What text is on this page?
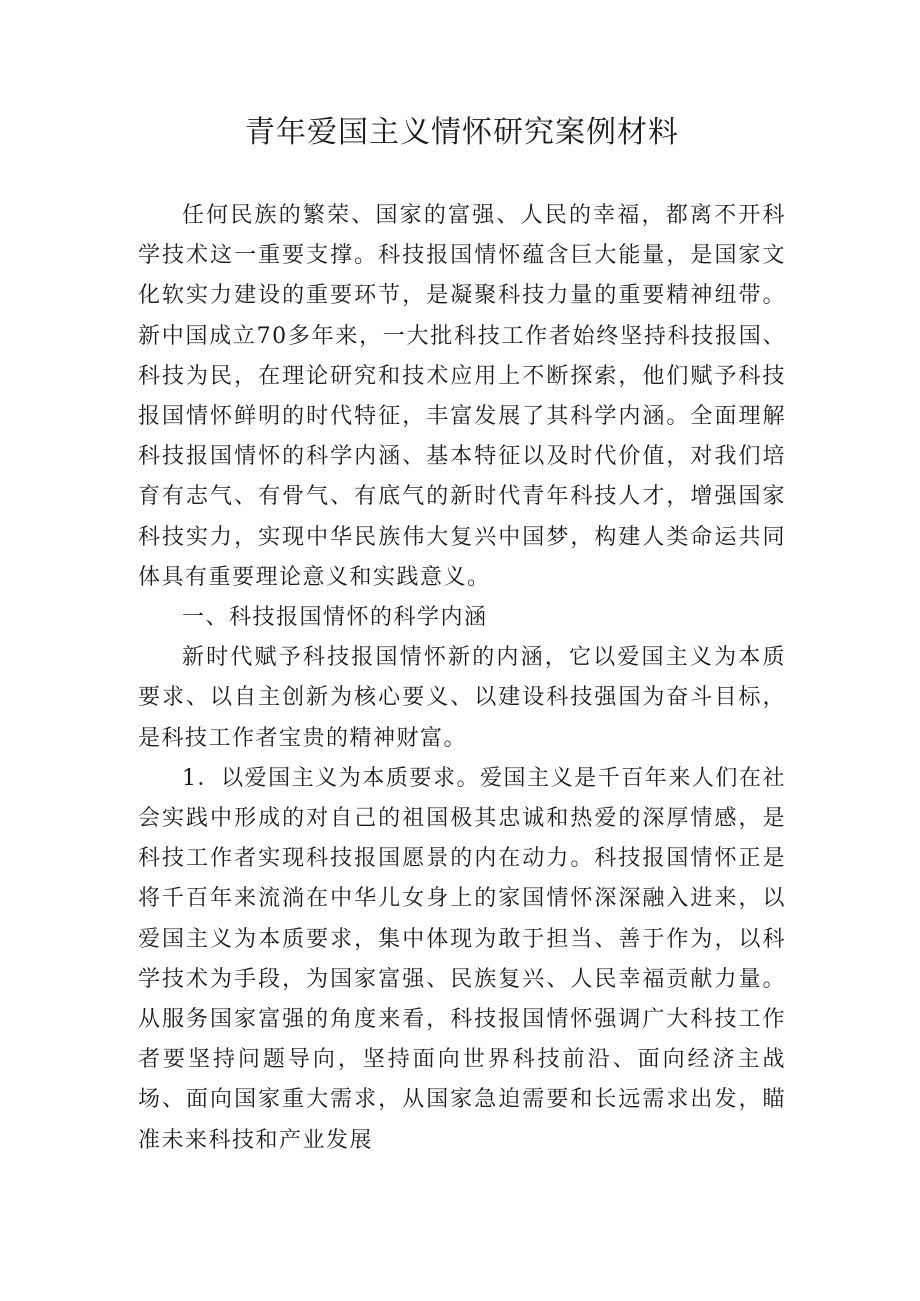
青年爱国主义情怀研究案例材料

任何民族的繁荣、国家的富强、人民的幸福，都离不开科学技术这一重要支撑。科技报国情怀蕴含巨大能量，是国家文化软实力建设的重要环节，是凝聚科技力量的重要精神纽带。新中国成立70多年来，一大批科技工作者始终坚持科技报国、科技为民，在理论研究和技术应用上不断探索，他们赋予科技报国情怀鲜明的时代特征，丰富发展了其科学内涵。全面理解科技报国情怀的科学内涵、基本特征以及时代价值，对我们培育有志气、有骨气、有底气的新时代青年科技人才，增强国家科技实力，实现中华民族伟大复兴中国梦，构建人类命运共同体具有重要理论意义和实践意义。

一、科技报国情怀的科学内涵

新时代赋予科技报国情怀新的内涵，它以爱国主义为本质要求、以自主创新为核心要义、以建设科技强国为奋斗目标，是科技工作者宝贵的精神财富。

1．以爱国主义为本质要求。爱国主义是千百年来人们在社会实践中形成的对自己的祖国极其忠诚和热爱的深厚情感，是科技工作者实现科技报国愿景的内在动力。科技报国情怀正是将千百年来流淌在中华儿女身上的家国情怀深深融入进来，以爱国主义为本质要求，集中体现为敢于担当、善于作为，以科学技术为手段，为国家富强、民族复兴、人民幸福贡献力量。从服务国家富强的角度来看，科技报国情怀强调广大科技工作者要坚持问题导向，坚持面向世界科技前沿、面向经济主战场、面向国家重大需求，从国家急迫需要和长远需求出发，瞄准未来科技和产业发展
